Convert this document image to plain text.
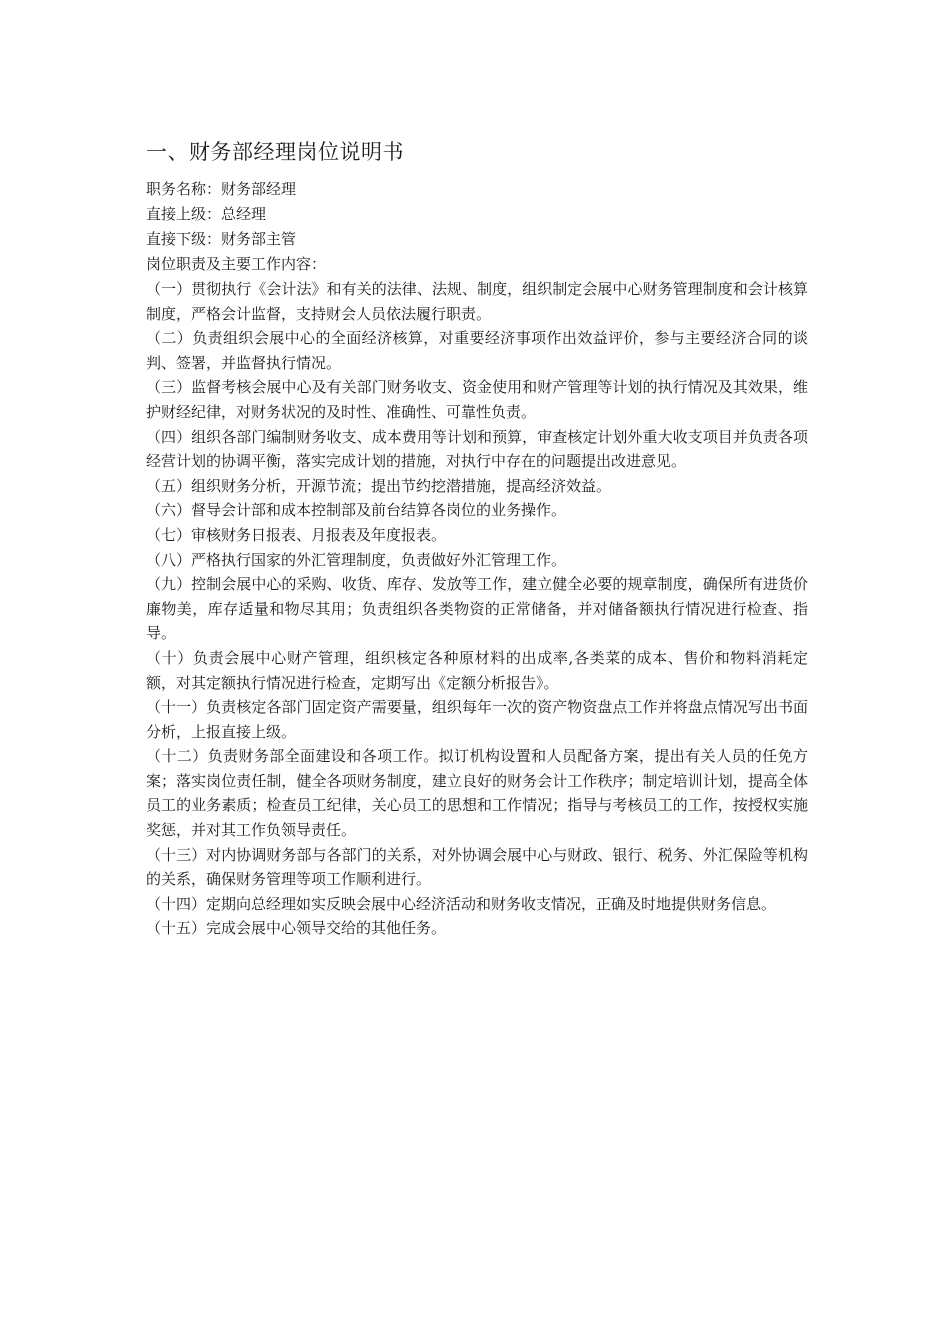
一、财务部经理岗位说明书

职务名称：财务部经理

直接上级：总经理

直接下级：财务部主管

岗位职责及主要工作内容：

（一）贯彻执行《会计法》和有关的法律、法规、制度，组织制定会展中心财务管理制度和会计核算制度，严格会计监督，支持财会人员依法履行职责。

（二）负责组织会展中心的全面经济核算，对重要经济事项作出效益评价，参与主要经济合同的谈判、签署，并监督执行情况。

（三）监督考核会展中心及有关部门财务收支、资金使用和财产管理等计划的执行情况及其效果，维护财经纪律，对财务状况的及时性、准确性、可靠性负责。

（四）组织各部门编制财务收支、成本费用等计划和预算，审查核定计划外重大收支项目并负责各项经营计划的协调平衡，落实完成计划的措施，对执行中存在的问题提出改进意见。

（五）组织财务分析，开源节流；提出节约挖潜措施，提高经济效益。

（六）督导会计部和成本控制部及前台结算各岗位的业务操作。

（七）审核财务日报表、月报表及年度报表。

（八）严格执行国家的外汇管理制度，负责做好外汇管理工作。

（九）控制会展中心的采购、收货、库存、发放等工作，建立健全必要的规章制度，确保所有进货价廉物美，库存适量和物尽其用；负责组织各类物资的正常储备，并对储备额执行情况进行检查、指导。

（十）负责会展中心财产管理，组织核定各种原材料的出成率,各类菜的成本、售价和物料消耗定额，对其定额执行情况进行检查，定期写出《定额分析报告》。

（十一）负责核定各部门固定资产需要量，组织每年一次的资产物资盘点工作并将盘点情况写出书面分析，上报直接上级。

（十二）负责财务部全面建设和各项工作。拟订机构设置和人员配备方案，提出有关人员的任免方案；落实岗位责任制，健全各项财务制度，建立良好的财务会计工作秩序；制定培训计划，提高全体员工的业务素质；检查员工纪律，关心员工的思想和工作情况；指导与考核员工的工作，按授权实施奖惩，并对其工作负领导责任。

（十三）对内协调财务部与各部门的关系，对外协调会展中心与财政、银行、税务、外汇保险等机构的关系，确保财务管理等项工作顺利进行。

（十四）定期向总经理如实反映会展中心经济活动和财务收支情况，正确及时地提供财务信息。

（十五）完成会展中心领导交给的其他任务。
